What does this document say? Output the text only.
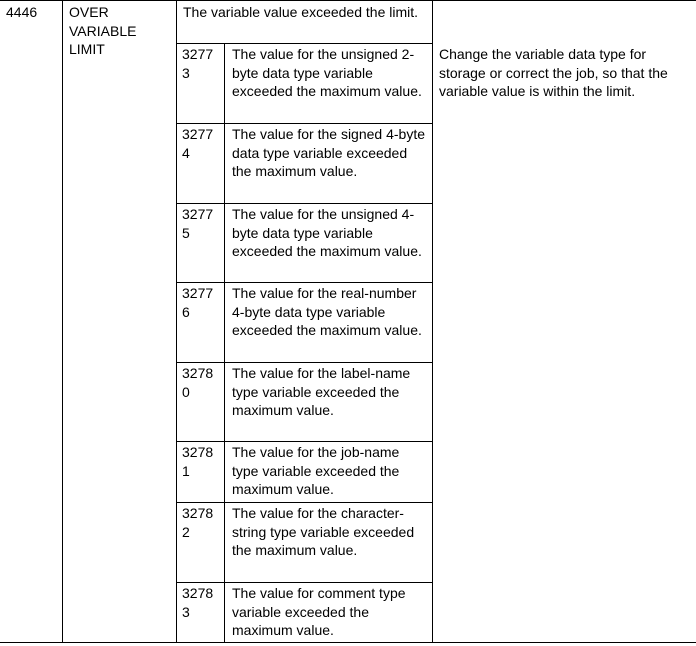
4446	OVER VARIABLE LIMIT
The variable value exceeded the limit.
Change the variable data type for storage or correct the job, so that the variable value is within the limit.
32773
The value for the unsigned 2-byte data type variable exceeded the maximum value.
32774
The value for the signed 4-byte data type variable exceeded the maximum value.
32775
The value for the unsigned 4-byte data type variable exceeded the maximum value.
32776
The value for the real-number 4-byte data type variable exceeded the maximum value.
32780
The value for the label-name type variable exceeded the maximum value.
32781
The value for the job-name type variable exceeded the maximum value.
32782
The value for the character-string type variable exceeded the maximum value.
32783
The value for comment type variable exceeded the maximum value.
